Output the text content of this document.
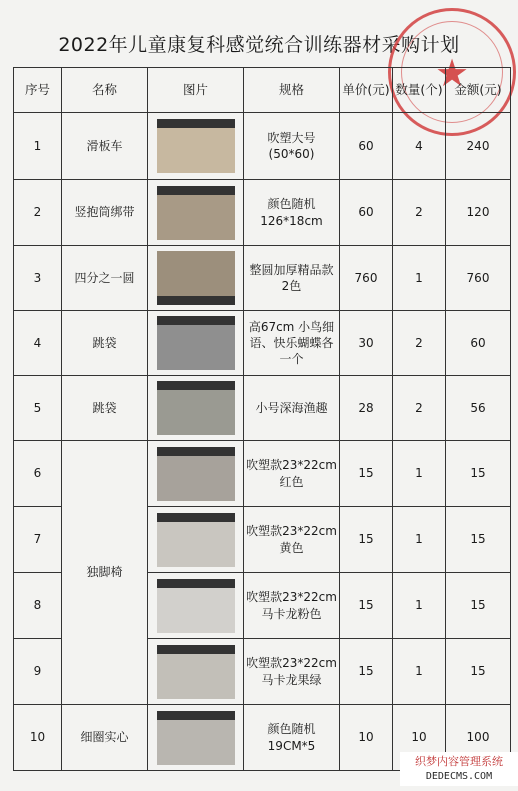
2022年儿童康复科感觉统合训练器材采购计划
★
序号	名称	图片	规格	单价(元)	数量(个)	金额(元)
1	滑板车		吹塑大号(50*60)	60	4	240
2	竖抱筒绑带		颜色随机126*18cm	60	2	120
3	四分之一圆		整圆加厚精品款2色	760	1	760
4	跳袋		高67cm 小鸟细语、快乐蝴蝶各一个	30	2	60
5	跳袋		小号深海渔趣	28	2	56
6	独脚椅		吹塑款23*22cm红色	15	1	15
7			吹塑款23*22cm黄色	15	1	15
8			吹塑款23*22cm马卡龙粉色	15	1	15
9			吹塑款23*22cm马卡龙果绿	15	1	15
10	细圈实心		颜色随机19CM*5	10	10	100
织梦内容管理系统
DEDECMS.COM
